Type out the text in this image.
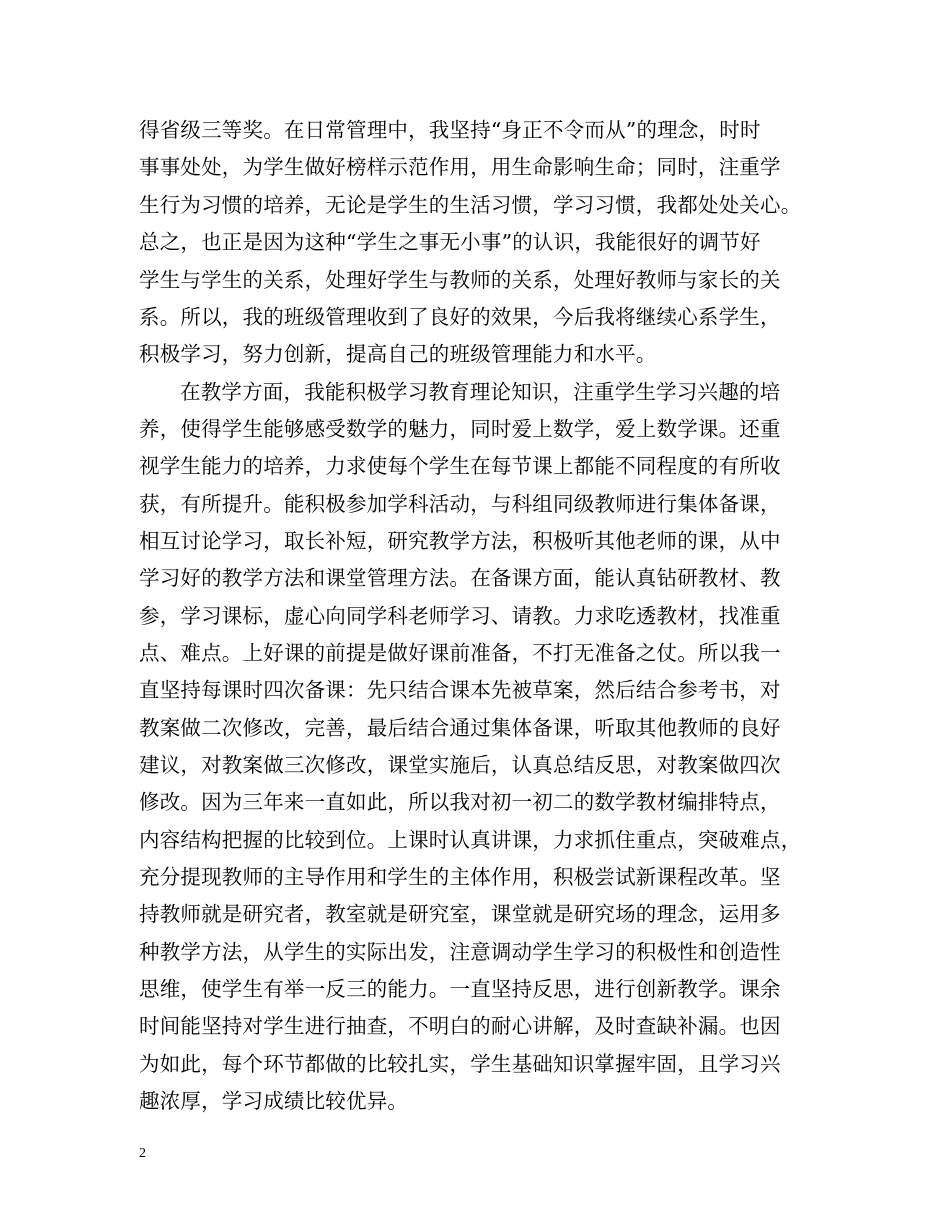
得省级三等奖。在日常管理中，我坚持“身正不令而从”的理念，时时
事事处处，为学生做好榜样示范作用，用生命影响生命；同时，注重学
生行为习惯的培养，无论是学生的生活习惯，学习习惯，我都处处关心。
总之，也正是因为这种“学生之事无小事”的认识，我能很好的调节好
学生与学生的关系，处理好学生与教师的关系，处理好教师与家长的关
系。所以，我的班级管理收到了良好的效果，今后我将继续心系学生，
积极学习，努力创新，提高自己的班级管理能力和水平。
在教学方面，我能积极学习教育理论知识，注重学生学习兴趣的培
养，使得学生能够感受数学的魅力，同时爱上数学，爱上数学课。还重
视学生能力的培养，力求使每个学生在每节课上都能不同程度的有所收
获，有所提升。能积极参加学科活动，与科组同级教师进行集体备课，
相互讨论学习，取长补短，研究教学方法，积极听其他老师的课，从中
学习好的教学方法和课堂管理方法。在备课方面，能认真钻研教材、教
参，学习课标，虚心向同学科老师学习、请教。力求吃透教材，找准重
点、难点。上好课的前提是做好课前准备，不打无准备之仗。所以我一
直坚持每课时四次备课：先只结合课本先被草案，然后结合参考书，对
教案做二次修改，完善，最后结合通过集体备课，听取其他教师的良好
建议，对教案做三次修改，课堂实施后，认真总结反思，对教案做四次
修改。因为三年来一直如此，所以我对初一初二的数学教材编排特点，
内容结构把握的比较到位。上课时认真讲课，力求抓住重点，突破难点，
充分提现教师的主导作用和学生的主体作用，积极尝试新课程改革。坚
持教师就是研究者，教室就是研究室，课堂就是研究场的理念，运用多
种教学方法，从学生的实际出发，注意调动学生学习的积极性和创造性
思维，使学生有举一反三的能力。一直坚持反思，进行创新教学。课余
时间能坚持对学生进行抽查，不明白的耐心讲解，及时查缺补漏。也因
为如此，每个环节都做的比较扎实，学生基础知识掌握牢固，且学习兴
趣浓厚，学习成绩比较优异。
2
